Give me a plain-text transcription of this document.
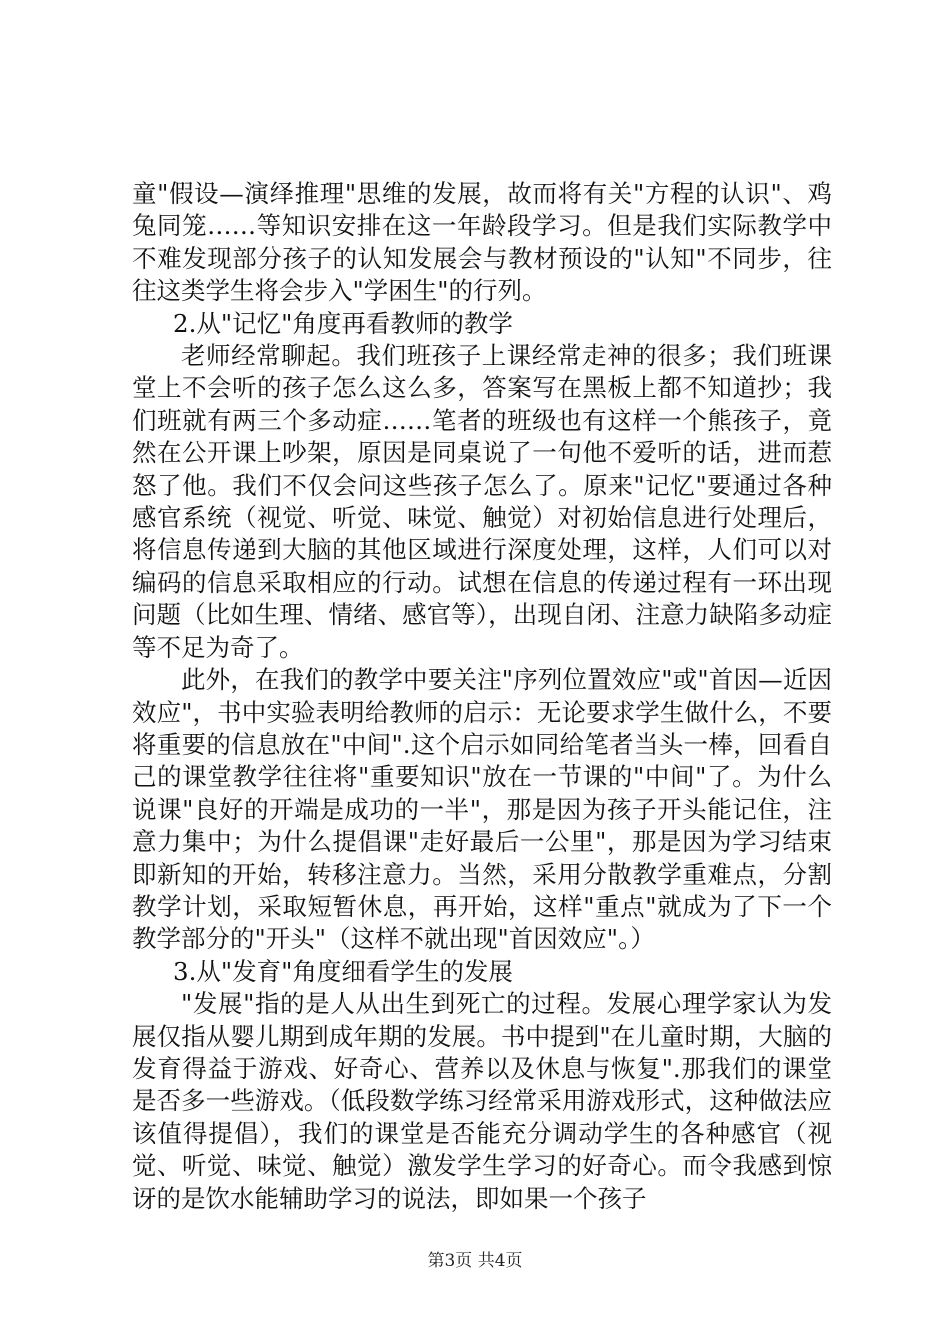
童"假设—演绎推理"思维的发展，故而将有关"方程的认识"、鸡兔同笼……等知识安排在这一年龄段学习。但是我们实际教学中不难发现部分孩子的认知发展会与教材预设的"认知"不同步，往往这类学生将会步入"学困生"的行列。

2.从"记忆"角度再看教师的教学

老师经常聊起。我们班孩子上课经常走神的很多；我们班课堂上不会听的孩子怎么这么多，答案写在黑板上都不知道抄；我们班就有两三个多动症……笔者的班级也有这样一个熊孩子，竟然在公开课上吵架，原因是同桌说了一句他不爱听的话，进而惹怒了他。我们不仅会问这些孩子怎么了。原来"记忆"要通过各种感官系统（视觉、听觉、味觉、触觉）对初始信息进行处理后，将信息传递到大脑的其他区域进行深度处理，这样，人们可以对编码的信息采取相应的行动。试想在信息的传递过程有一环出现问题（比如生理、情绪、感官等），出现自闭、注意力缺陷多动症等不足为奇了。

此外，在我们的教学中要关注"序列位置效应"或"首因—近因效应"，书中实验表明给教师的启示：无论要求学生做什么，不要将重要的信息放在"中间".这个启示如同给笔者当头一棒，回看自己的课堂教学往往将"重要知识"放在一节课的"中间"了。为什么说课"良好的开端是成功的一半"，那是因为孩子开头能记住，注意力集中；为什么提倡课"走好最后一公里"，那是因为学习结束即新知的开始，转移注意力。当然，采用分散教学重难点，分割教学计划，采取短暂休息，再开始，这样"重点"就成为了下一个教学部分的"开头"（这样不就出现"首因效应"。）

3.从"发育"角度细看学生的发展

"发展"指的是人从出生到死亡的过程。发展心理学家认为发展仅指从婴儿期到成年期的发展。书中提到"在儿童时期，大脑的发育得益于游戏、好奇心、营养以及休息与恢复".那我们的课堂是否多一些游戏。（低段数学练习经常采用游戏形式，这种做法应该值得提倡），我们的课堂是否能充分调动学生的各种感官（视觉、听觉、味觉、触觉）激发学生学习的好奇心。而令我感到惊讶的是饮水能辅助学习的说法，即如果一个孩子

第3页 共4页
